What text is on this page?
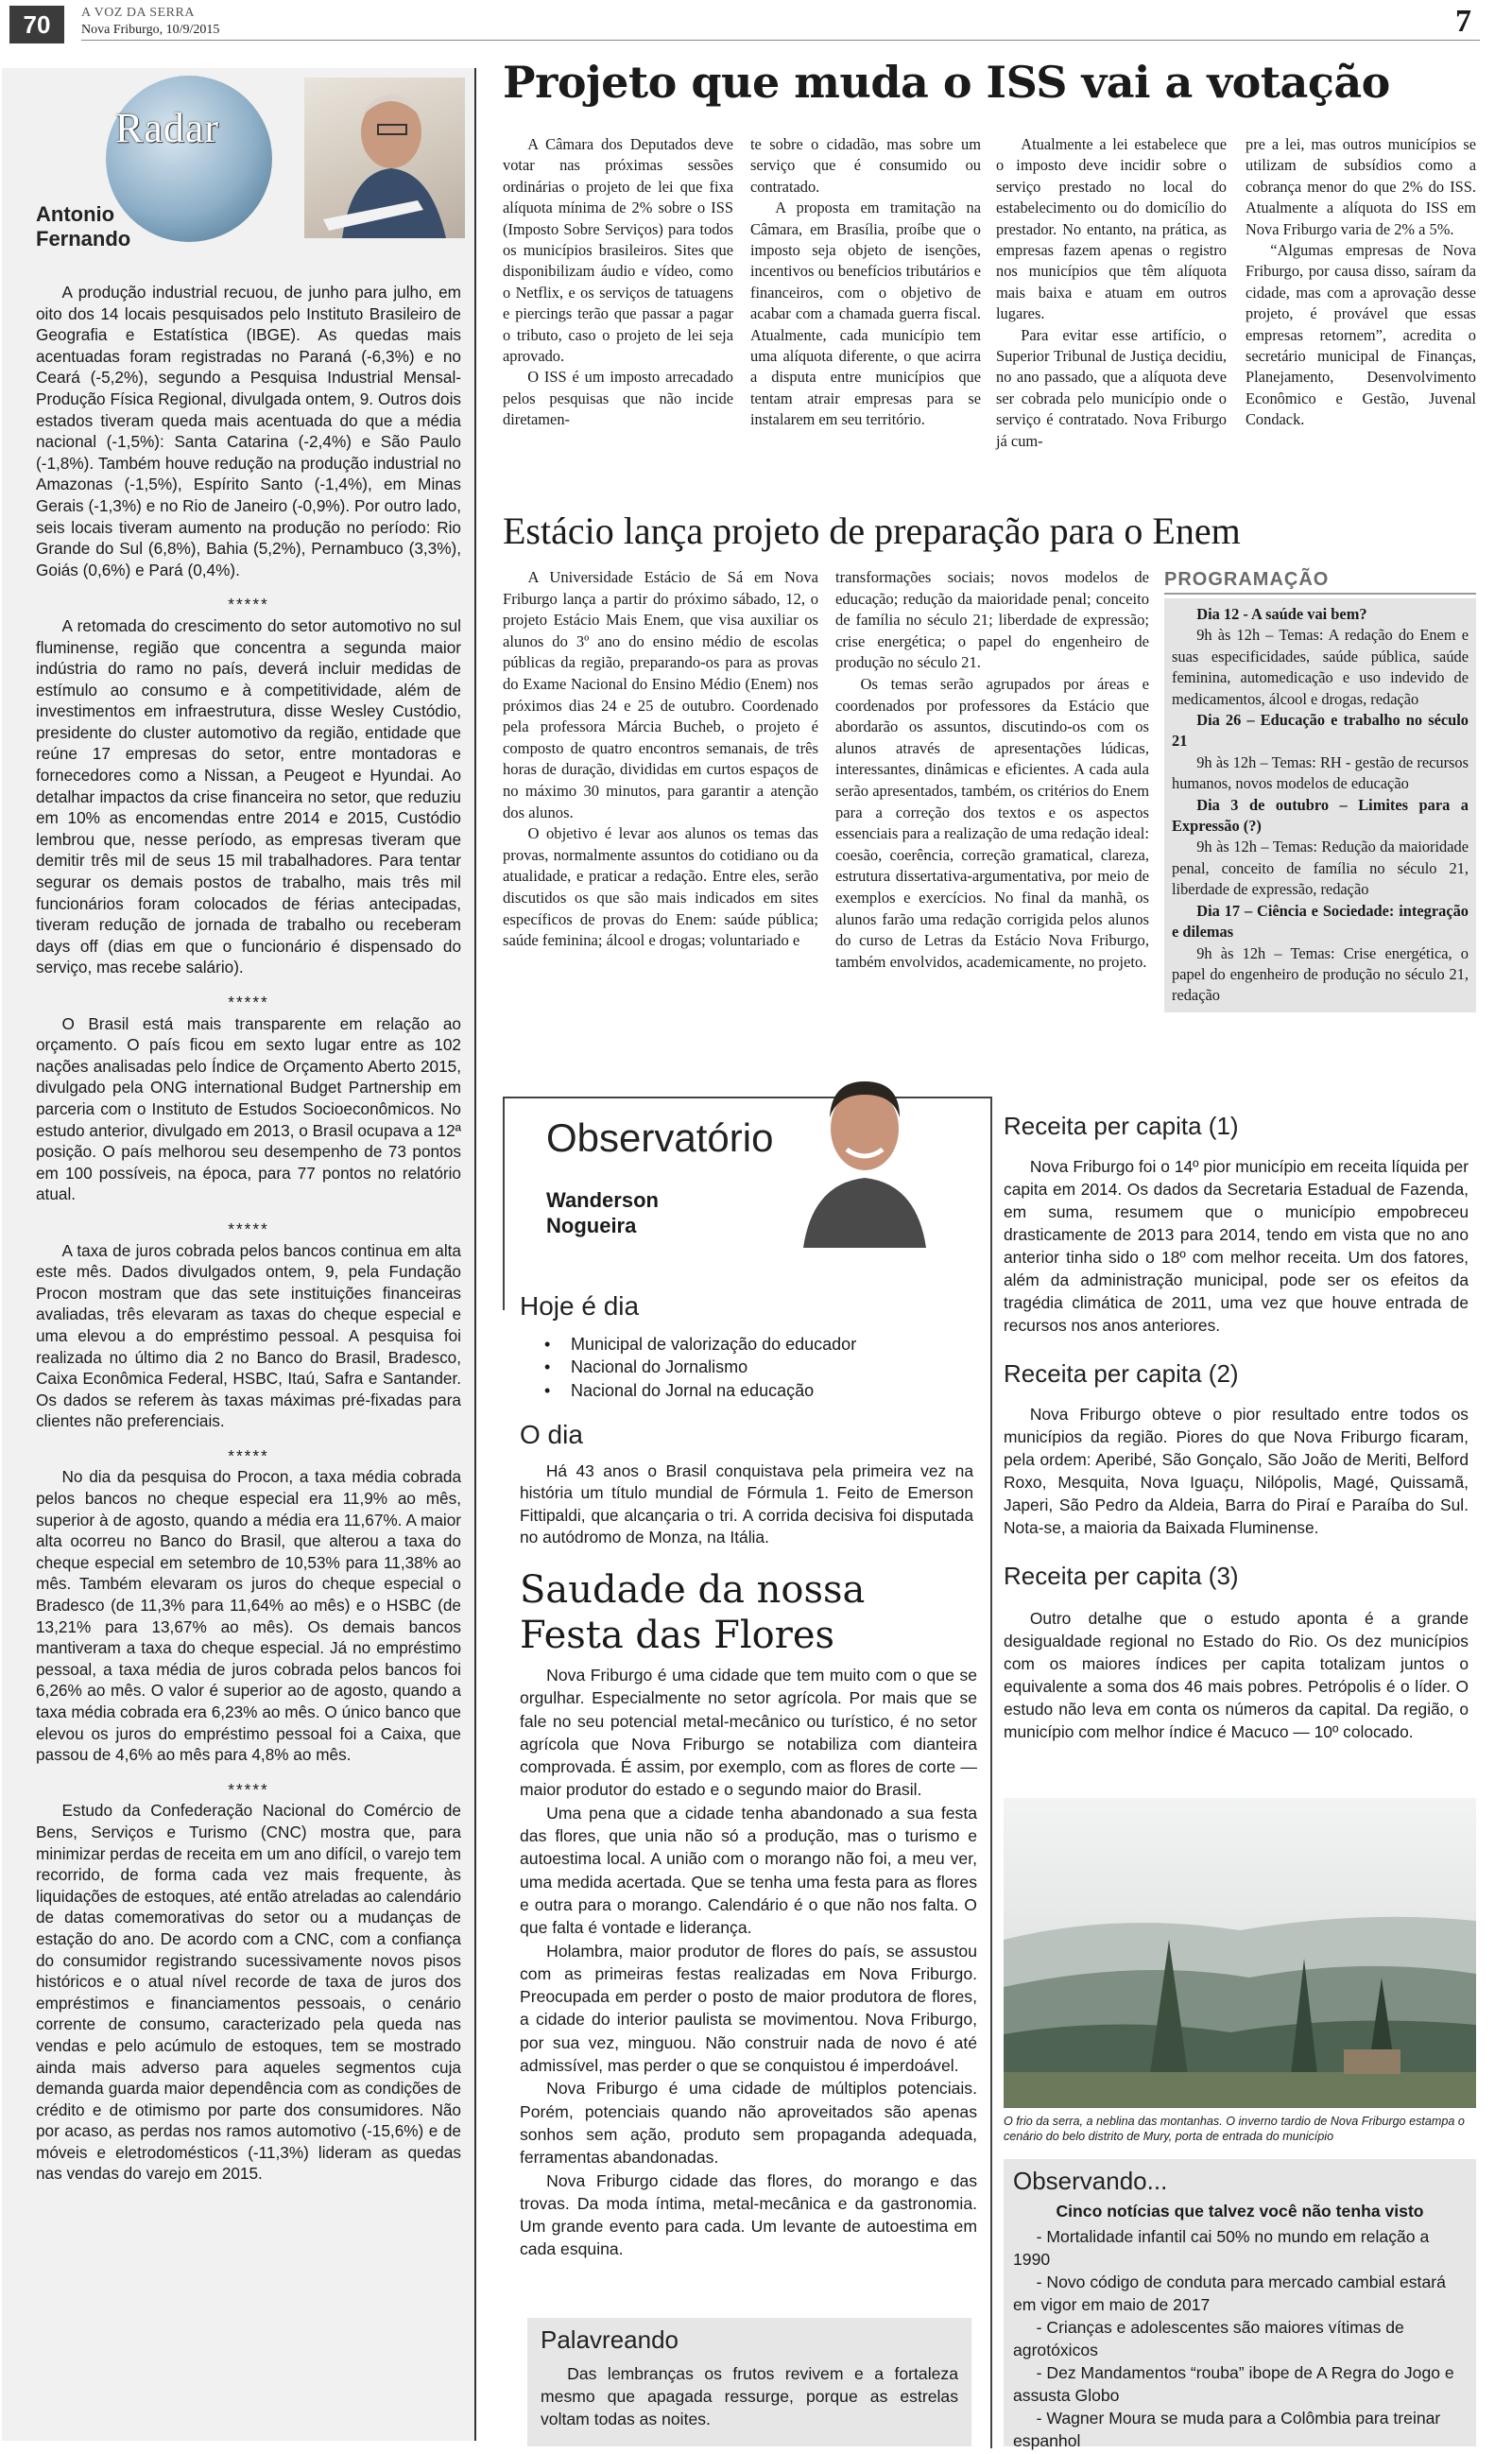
70	A VOZ DA SERRA
Nova Friburgo, 10/9/2015	7
Radar
Antonio
Fernando

A produção industrial recuou, de junho para julho, em oito dos 14 locais pesquisados pelo Instituto Brasileiro de Geografia e Estatística (IBGE). As quedas mais acentuadas foram registradas no Paraná (-6,3%) e no Ceará (-5,2%), segundo a Pesquisa Industrial Mensal-Produção Física Regional, divulgada ontem, 9. Outros dois estados tiveram queda mais acentuada do que a média nacional (-1,5%): Santa Catarina (-2,4%) e São Paulo (-1,8%). Também houve redução na produção industrial no Amazonas (-1,5%), Espírito Santo (-1,4%), em Minas Gerais (-1,3%) e no Rio de Janeiro (-0,9%). Por outro lado, seis locais tiveram aumento na produção no período: Rio Grande do Sul (6,8%), Bahia (5,2%), Pernambuco (3,3%), Goiás (0,6%) e Pará (0,4%).

*****

A retomada do crescimento do setor automotivo no sul fluminense, região que concentra a segunda maior indústria do ramo no país, deverá incluir medidas de estímulo ao consumo e à competitividade, além de investimentos em infraestrutura, disse Wesley Custódio, presidente do cluster automotivo da região, entidade que reúne 17 empresas do setor, entre montadoras e fornecedores como a Nissan, a Peugeot e Hyundai. Ao detalhar impactos da crise financeira no setor, que reduziu em 10% as encomendas entre 2014 e 2015, Custódio lembrou que, nesse período, as empresas tiveram que demitir três mil de seus 15 mil trabalhadores. Para tentar segurar os demais postos de trabalho, mais três mil funcionários foram colocados de férias antecipadas, tiveram redução de jornada de trabalho ou receberam days off (dias em que o funcionário é dispensado do serviço, mas recebe salário).

*****

O Brasil está mais transparente em relação ao orçamento. O país ficou em sexto lugar entre as 102 nações analisadas pelo Índice de Orçamento Aberto 2015, divulgado pela ONG international Budget Partnership em parceria com o Instituto de Estudos Socioeconômicos. No estudo anterior, divulgado em 2013, o Brasil ocupava a 12ª posição. O país melhorou seu desempenho de 73 pontos em 100 possíveis, na época, para 77 pontos no relatório atual.

*****

A taxa de juros cobrada pelos bancos continua em alta este mês. Dados divulgados ontem, 9, pela Fundação Procon mostram que das sete instituições financeiras avaliadas, três elevaram as taxas do cheque especial e uma elevou a do empréstimo pessoal. A pesquisa foi realizada no último dia 2 no Banco do Brasil, Bradesco, Caixa Econômica Federal, HSBC, Itaú, Safra e Santander. Os dados se referem às taxas máximas pré-fixadas para clientes não preferenciais.

*****

No dia da pesquisa do Procon, a taxa média cobrada pelos bancos no cheque especial era 11,9% ao mês, superior à de agosto, quando a média era 11,67%. A maior alta ocorreu no Banco do Brasil, que alterou a taxa do cheque especial em setembro de 10,53% para 11,38% ao mês. Também elevaram os juros do cheque especial o Bradesco (de 11,3% para 11,64% ao mês) e o HSBC (de 13,21% para 13,67% ao mês). Os demais bancos mantiveram a taxa do cheque especial. Já no empréstimo pessoal, a taxa média de juros cobrada pelos bancos foi 6,26% ao mês. O valor é superior ao de agosto, quando a taxa média cobrada era 6,23% ao mês. O único banco que elevou os juros do empréstimo pessoal foi a Caixa, que passou de 4,6% ao mês para 4,8% ao mês.

*****

Estudo da Confederação Nacional do Comércio de Bens, Serviços e Turismo (CNC) mostra que, para minimizar perdas de receita em um ano difícil, o varejo tem recorrido, de forma cada vez mais frequente, às liquidações de estoques, até então atreladas ao calendário de datas comemorativas do setor ou a mudanças de estação do ano. De acordo com a CNC, com a confiança do consumidor registrando sucessivamente novos pisos históricos e o atual nível recorde de taxa de juros dos empréstimos e financiamentos pessoais, o cenário corrente de consumo, caracterizado pela queda nas vendas e pelo acúmulo de estoques, tem se mostrado ainda mais adverso para aqueles segmentos cuja demanda guarda maior dependência com as condições de crédito e de otimismo por parte dos consumidores. Não por acaso, as perdas nos ramos automotivo (-15,6%) e de móveis e eletrodomésticos (-11,3%) lideram as quedas nas vendas do varejo em 2015.

Projeto que muda o ISS vai a votação

A Câmara dos Deputados deve votar nas próximas sessões ordinárias o projeto de lei que fixa alíquota mínima de 2% sobre o ISS (Imposto Sobre Serviços) para todos os municípios brasileiros. Sites que disponibilizam áudio e vídeo, como o Netflix, e os serviços de tatuagens e piercings terão que passar a pagar o tributo, caso o projeto de lei seja aprovado.

O ISS é um imposto arrecadado pelos pesquisas que não incide diretamen-

te sobre o cidadão, mas sobre um serviço que é consumido ou contratado.

A proposta em tramitação na Câmara, em Brasília, proíbe que o imposto seja objeto de isenções, incentivos ou benefícios tributários e financeiros, com o objetivo de acabar com a chamada guerra fiscal. Atualmente, cada município tem uma alíquota diferente, o que acirra a disputa entre municípios que tentam atrair empresas para se instalarem em seu território.

Atualmente a lei estabelece que o imposto deve incidir sobre o serviço prestado no local do estabelecimento ou do domicílio do prestador. No entanto, na prática, as empresas fazem apenas o registro nos municípios que têm alíquota mais baixa e atuam em outros lugares.

Para evitar esse artifício, o Superior Tribunal de Justiça decidiu, no ano passado, que a alíquota deve ser cobrada pelo município onde o serviço é contratado. Nova Friburgo já cum-

pre a lei, mas outros municípios se utilizam de subsídios como a cobrança menor do que 2% do ISS. Atualmente a alíquota do ISS em Nova Friburgo varia de 2% a 5%.

“Algumas empresas de Nova Friburgo, por causa disso, saíram da cidade, mas com a aprovação desse projeto, é provável que essas empresas retornem”, acredita o secretário municipal de Finanças, Planejamento, Desenvolvimento Econômico e Gestão, Juvenal Condack.

Estácio lança projeto de preparação para o Enem

A Universidade Estácio de Sá em Nova Friburgo lança a partir do próximo sábado, 12, o projeto Estácio Mais Enem, que visa auxiliar os alunos do 3º ano do ensino médio de escolas públicas da região, preparando-os para as provas do Exame Nacional do Ensino Médio (Enem) nos próximos dias 24 e 25 de outubro. Coordenado pela professora Márcia Bucheb, o projeto é composto de quatro encontros semanais, de três horas de duração, divididas em curtos espaços de no máximo 30 minutos, para garantir a atenção dos alunos.

O objetivo é levar aos alunos os temas das provas, normalmente assuntos do cotidiano ou da atualidade, e praticar a redação. Entre eles, serão discutidos os que são mais indicados em sites específicos de provas do Enem: saúde pública; saúde feminina; álcool e drogas; voluntariado e

transformações sociais; novos modelos de educação; redução da maioridade penal; conceito de família no século 21; liberdade de expressão; crise energética; o papel do engenheiro de produção no século 21.

Os temas serão agrupados por áreas e coordenados por professores da Estácio que abordarão os assuntos, discutindo-os com os alunos através de apresentações lúdicas, interessantes, dinâmicas e eficientes. A cada aula serão apresentados, também, os critérios do Enem para a correção dos textos e os aspectos essenciais para a realização de uma redação ideal: coesão, coerência, correção gramatical, clareza, estrutura dissertativa-argumentativa, por meio de exemplos e exercícios. No final da manhã, os alunos farão uma redação corrigida pelos alunos do curso de Letras da Estácio Nova Friburgo, também envolvidos, academicamente, no projeto.

PROGRAMAÇÃO
Dia 12 - A saúde vai bem?
9h às 12h – Temas: A redação do Enem e suas especificidades, saúde pública, saúde feminina, automedicação e uso indevido de medicamentos, álcool e drogas, redação
Dia 26 – Educação e trabalho no século 21
9h às 12h – Temas: RH - gestão de recursos humanos, novos modelos de educação
Dia 3 de outubro – Limites para a Expressão (?)
9h às 12h – Temas: Redução da maioridade penal, conceito de família no século 21, liberdade de expressão, redação
Dia 17 – Ciência e Sociedade: integração e dilemas
9h às 12h – Temas: Crise energética, o papel do engenheiro de produção no século 21, redação
Observatório
Wanderson
Nogueira
Hoje é dia
• Municipal de valorização do educador
• Nacional do Jornalismo
• Nacional do Jornal na educação
O dia

Há 43 anos o Brasil conquistava pela primeira vez na história um título mundial de Fórmula 1. Feito de Emerson Fittipaldi, que alcançaria o tri. A corrida decisiva foi disputada no autódromo de Monza, na Itália.

Saudade da nossa
Festa das Flores

Nova Friburgo é uma cidade que tem muito com o que se orgulhar. Especialmente no setor agrícola. Por mais que se fale no seu potencial metal-mecânico ou turístico, é no setor agrícola que Nova Friburgo se notabiliza com dianteira comprovada. É assim, por exemplo, com as flores de corte — maior produtor do estado e o segundo maior do Brasil.

Uma pena que a cidade tenha abandonado a sua festa das flores, que unia não só a produção, mas o turismo e autoestima local. A união com o morango não foi, a meu ver, uma medida acertada. Que se tenha uma festa para as flores e outra para o morango. Calendário é o que não nos falta. O que falta é vontade e liderança.

Holambra, maior produtor de flores do país, se assustou com as primeiras festas realizadas em Nova Friburgo. Preocupada em perder o posto de maior produtora de flores, a cidade do interior paulista se movimentou. Nova Friburgo, por sua vez, minguou. Não construir nada de novo é até admissível, mas perder o que se conquistou é imperdoável.

Nova Friburgo é uma cidade de múltiplos potenciais. Porém, potenciais quando não aproveitados são apenas sonhos sem ação, produto sem propaganda adequada, ferramentas abandonadas.

Nova Friburgo cidade das flores, do morango e das trovas. Da moda íntima, metal-mecânica e da gastronomia. Um grande evento para cada. Um levante de autoestima em cada esquina.

Palavreando
Das lembranças os frutos revivem e a fortaleza mesmo que apagada ressurge, porque as estrelas voltam todas as noites.
Receita per capita (1)

Nova Friburgo foi o 14º pior município em receita líquida per capita em 2014. Os dados da Secretaria Estadual de Fazenda, em suma, resumem que o município empobreceu drasticamente de 2013 para 2014, tendo em vista que no ano anterior tinha sido o 18º com melhor receita. Um dos fatores, além da administração municipal, pode ser os efeitos da tragédia climática de 2011, uma vez que houve entrada de recursos nos anos anteriores.

Receita per capita (2)

Nova Friburgo obteve o pior resultado entre todos os municípios da região. Piores do que Nova Friburgo ficaram, pela ordem: Aperibé, São Gonçalo, São João de Meriti, Belford Roxo, Mesquita, Nova Iguaçu, Nilópolis, Magé, Quissamã, Japeri, São Pedro da Aldeia, Barra do Piraí e Paraíba do Sul. Nota-se, a maioria da Baixada Fluminense.

Receita per capita (3)

Outro detalhe que o estudo aponta é a grande desigualdade regional no Estado do Rio. Os dez municípios com os maiores índices per capita totalizam juntos o equivalente a soma dos 46 mais pobres. Petrópolis é o líder. O estudo não leva em conta os números da capital. Da região, o município com melhor índice é Macuco — 10º colocado.

O frio da serra, a neblina das montanhas. O inverno tardio de Nova Friburgo estampa o cenário do belo distrito de Mury, porta de entrada do município
Observando...
Cinco notícias que talvez você não tenha visto
- Mortalidade infantil cai 50% no mundo em relação a 1990
- Novo código de conduta para mercado cambial estará em vigor em maio de 2017
- Crianças e adolescentes são maiores vítimas de agrotóxicos
- Dez Mandamentos “rouba” ibope de A Regra do Jogo e assusta Globo
- Wagner Moura se muda para a Colômbia para treinar espanhol
